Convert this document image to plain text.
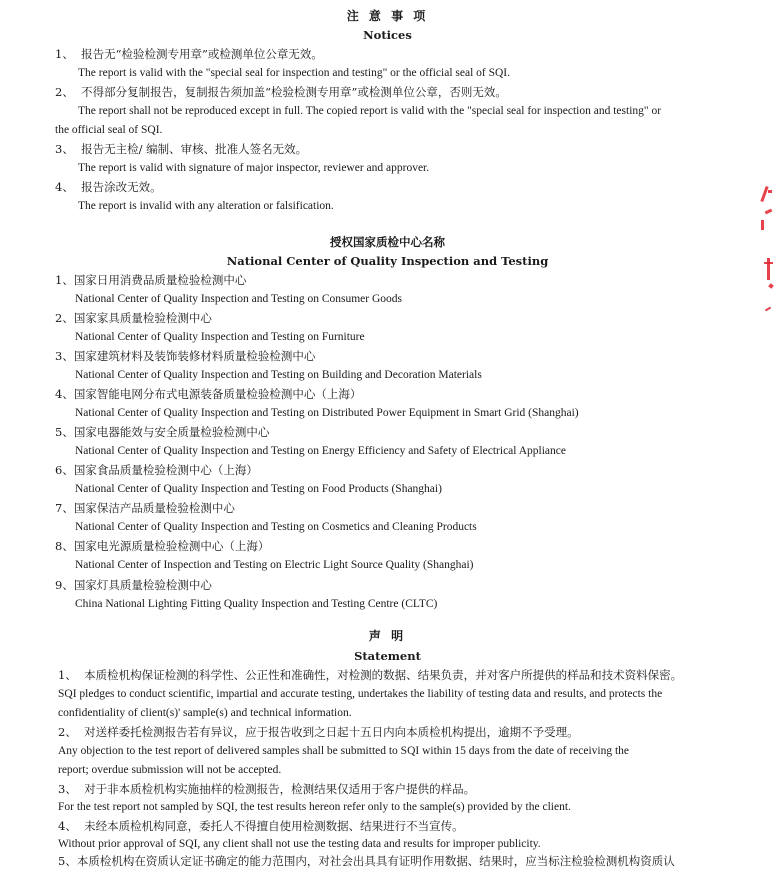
注 意 事 项
Notices
1、 报告无“检验检测专用章”或检测单位公章无效。
The report is valid with the "special seal for inspection and testing" or the official seal of SQI.
2、 不得部分复制报告，复制报告须加盖“检验检测专用章”或检测单位公章，否则无效。
The report shall not be reproduced except in full. The copied report is valid with the "special seal for inspection and testing" or
the official seal of SQI.
3、 报告无主检/ 编制、审核、批准人签名无效。
The report is valid with signature of major inspector, reviewer and approver.
4、 报告涂改无效。
The report is invalid with any alteration or falsification.
授权国家质检中心名称
National Center of Quality Inspection and Testing
1、国家日用消费品质量检验检测中心
National Center of Quality Inspection and Testing on Consumer Goods
2、国家家具质量检验检测中心
National Center of Quality Inspection and Testing on Furniture
3、国家建筑材料及装饰装修材料质量检验检测中心
National Center of Quality Inspection and Testing on Building and Decoration Materials
4、国家智能电网分布式电源装备质量检验检测中心（上海）
National Center of Quality Inspection and Testing on Distributed Power Equipment in Smart Grid (Shanghai)
5、国家电器能效与安全质量检验检测中心
National Center of Quality Inspection and Testing on Energy Efficiency and Safety of Electrical Appliance
6、国家食品质量检验检测中心（上海）
National Center of Quality Inspection and Testing on Food Products (Shanghai)
7、国家保洁产品质量检验检测中心
National Center of Quality Inspection and Testing on Cosmetics and Cleaning Products
8、国家电光源质量检验检测中心（上海）
National Center of Inspection and Testing on Electric Light Source Quality (Shanghai)
9、国家灯具质量检验检测中心
China National Lighting Fitting Quality Inspection and Testing Centre (CLTC)
声 明
Statement
1、 本质检机构保证检测的科学性、公正性和准确性，对检测的数据、结果负责，并对客户所提供的样品和技术资料保密。
SQI pledges to conduct scientific, impartial and accurate testing, undertakes the liability of testing data and results, and protects the
confidentiality of client(s)' sample(s) and technical information.
2、 对送样委托检测报告若有异议，应于报告收到之日起十五日内向本质检机构提出，逾期不予受理。
Any objection to the test report of delivered samples shall be submitted to SQI within 15 days from the date of receiving the
report; overdue submission will not be accepted.
3、 对于非本质检机构实施抽样的检测报告，检测结果仅适用于客户提供的样品。
For the test report not sampled by SQI, the test results hereon refer only to the sample(s) provided by the client.
4、 未经本质检机构同意，委托人不得擅自使用检测数据、结果进行不当宣传。
Without prior approval of SQI, any client shall not use the testing data and results for improper publicity.
5、本质检机构在资质认定证书确定的能力范围内，对社会出具具有证明作用数据、结果时，应当标注检验检测机构资质认
